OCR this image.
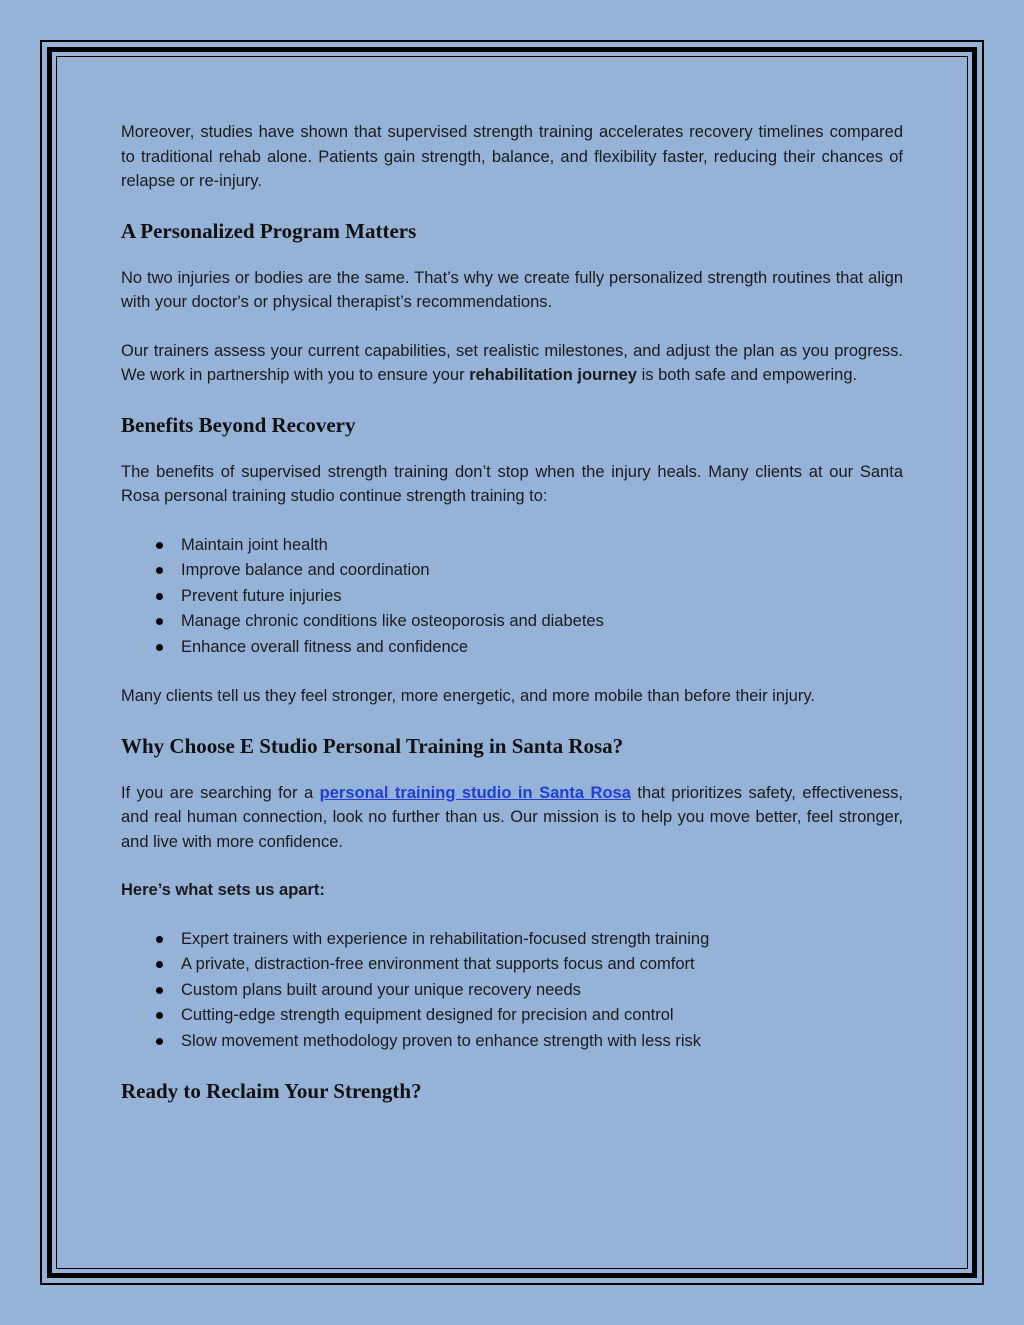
Moreover, studies have shown that supervised strength training accelerates recovery timelines compared to traditional rehab alone. Patients gain strength, balance, and flexibility faster, reducing their chances of relapse or re-injury.

A Personalized Program Matters

No two injuries or bodies are the same. That’s why we create fully personalized strength routines that align with your doctor's or physical therapist’s recommendations.

Our trainers assess your current capabilities, set realistic milestones, and adjust the plan as you progress. We work in partnership with you to ensure your rehabilitation journey is both safe and empowering.

Benefits Beyond Recovery

The benefits of supervised strength training don’t stop when the injury heals. Many clients at our Santa Rosa personal training studio continue strength training to:

Maintain joint health
Improve balance and coordination
Prevent future injuries
Manage chronic conditions like osteoporosis and diabetes
Enhance overall fitness and confidence

Many clients tell us they feel stronger, more energetic, and more mobile than before their injury.

Why Choose E Studio Personal Training in Santa Rosa?

If you are searching for a personal training studio in Santa Rosa that prioritizes safety, effectiveness, and real human connection, look no further than us. Our mission is to help you move better, feel stronger, and live with more confidence.

Here’s what sets us apart:

Expert trainers with experience in rehabilitation-focused strength training
A private, distraction-free environment that supports focus and comfort
Custom plans built around your unique recovery needs
Cutting-edge strength equipment designed for precision and control
Slow movement methodology proven to enhance strength with less risk
Ready to Reclaim Your Strength?
